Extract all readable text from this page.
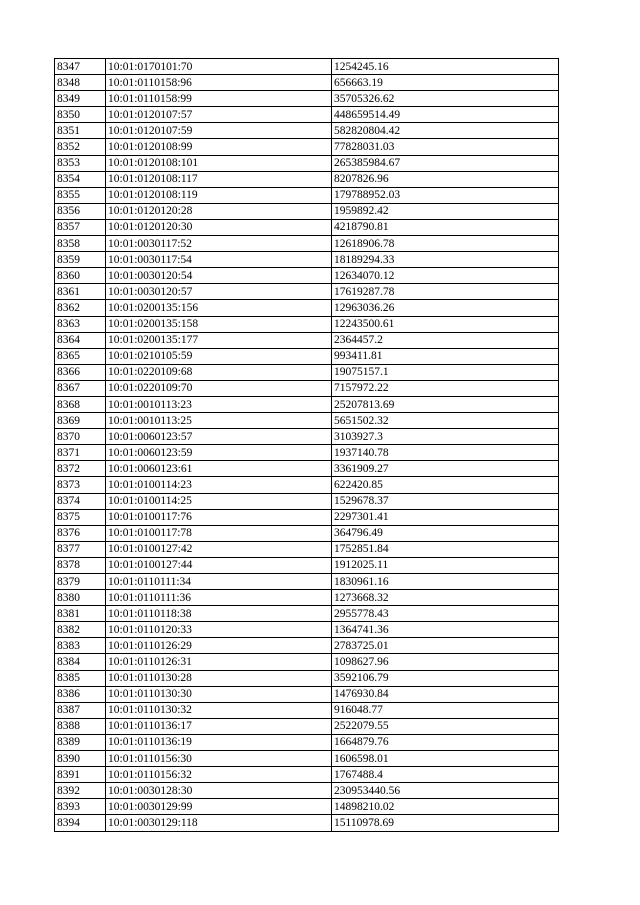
8347	10:01:0170101:70	1254245.16
8348	10:01:0110158:96	656663.19
8349	10:01:0110158:99	35705326.62
8350	10:01:0120107:57	448659514.49
8351	10:01:0120107:59	582820804.42
8352	10:01:0120108:99	77828031.03
8353	10:01:0120108:101	265385984.67
8354	10:01:0120108:117	8207826.96
8355	10:01:0120108:119	179788952.03
8356	10:01:0120120:28	1959892.42
8357	10:01:0120120:30	4218790.81
8358	10:01:0030117:52	12618906.78
8359	10:01:0030117:54	18189294.33
8360	10:01:0030120:54	12634070.12
8361	10:01:0030120:57	17619287.78
8362	10:01:0200135:156	12963036.26
8363	10:01:0200135:158	12243500.61
8364	10:01:0200135:177	2364457.2
8365	10:01:0210105:59	993411.81
8366	10:01:0220109:68	19075157.1
8367	10:01:0220109:70	7157972.22
8368	10:01:0010113:23	25207813.69
8369	10:01:0010113:25	5651502.32
8370	10:01:0060123:57	3103927.3
8371	10:01:0060123:59	1937140.78
8372	10:01:0060123:61	3361909.27
8373	10:01:0100114:23	622420.85
8374	10:01:0100114:25	1529678.37
8375	10:01:0100117:76	2297301.41
8376	10:01:0100117:78	364796.49
8377	10:01:0100127:42	1752851.84
8378	10:01:0100127:44	1912025.11
8379	10:01:0110111:34	1830961.16
8380	10:01:0110111:36	1273668.32
8381	10:01:0110118:38	2955778.43
8382	10:01:0110120:33	1364741.36
8383	10:01:0110126:29	2783725.01
8384	10:01:0110126:31	1098627.96
8385	10:01:0110130:28	3592106.79
8386	10:01:0110130:30	1476930.84
8387	10:01:0110130:32	916048.77
8388	10:01:0110136:17	2522079.55
8389	10:01:0110136:19	1664879.76
8390	10:01:0110156:30	1606598.01
8391	10:01:0110156:32	1767488.4
8392	10:01:0030128:30	230953440.56
8393	10:01:0030129:99	14898210.02
8394	10:01:0030129:118	15110978.69
